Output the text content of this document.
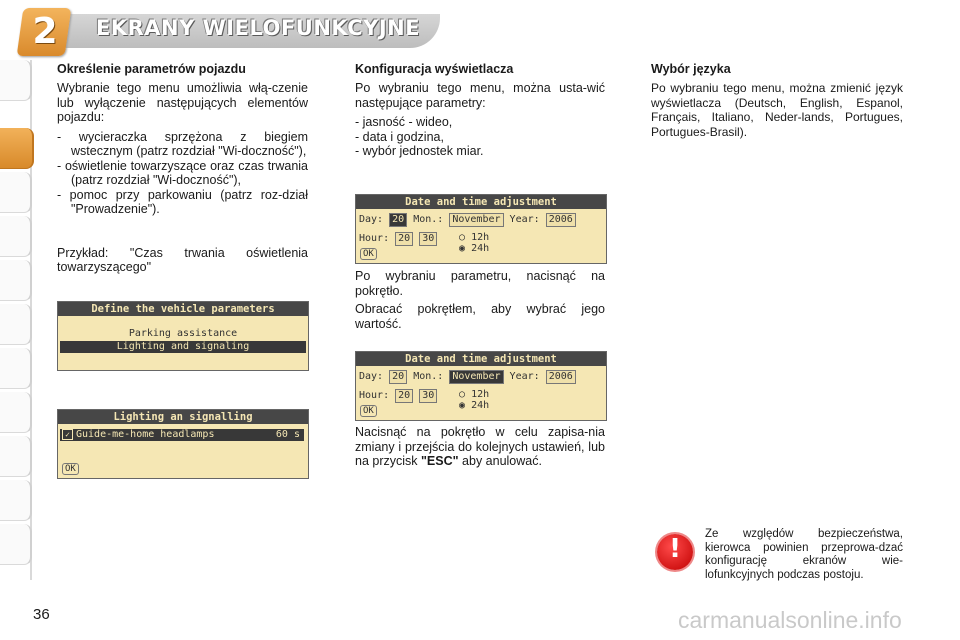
2	EKRANY WIELOFUNKCYJNE
Określenie parametrów pojazdu
Wybranie tego menu umożliwia włą-czenie lub wyłączenie następujących elementów pojazdu:
- wycieraczka sprzężona z biegiem wstecznym (patrz rozdział "Wi-doczność"),
- oświetlenie towarzyszące oraz czas trwania (patrz rozdział "Wi-doczność"),
- pomoc przy parkowaniu (patrz roz-dział "Prowadzenie").
Przykład: "Czas trwania oświetlenia towarzyszącego"
Define the vehicle parameters
Parking assistance
Lighting and signaling
Lighting an signalling
✓ Guide-me-home headlamps	60 s
OK
Konfiguracja wyświetlacza
Po wybraniu tego menu, można usta-wić następujące parametry:
- jasność - wideo,
- data i godzina,
- wybór jednostek miar.
Date and time adjustment
Day: 20 Mon.: November Year: 2006
Hour: 20 30	○ 12h
◉ 24h
OK
Po wybraniu parametru, nacisnąć na pokrętło.
Obracać pokrętłem, aby wybrać jego wartość.
Date and time adjustment
Day: 20 Mon.: November Year: 2006
Hour: 20 30	○ 12h
◉ 24h
OK
Nacisnąć na pokrętło w celu zapisa-nia zmiany i przejścia do kolejnych ustawień, lub na przycisk "ESC" aby anulować.
Wybór języka
Po wybraniu tego menu, można zmienić język wyświetlacza (Deutsch, English, Espanol, Français, Italiano, Neder-lands, Portugues, Portugues-Brasil).
!	Ze względów bezpieczeństwa, kierowca powinien przeprowa-dzać konfigurację ekranów wie-lofunkcyjnych podczas postoju.
36	carmanualsonline.info
